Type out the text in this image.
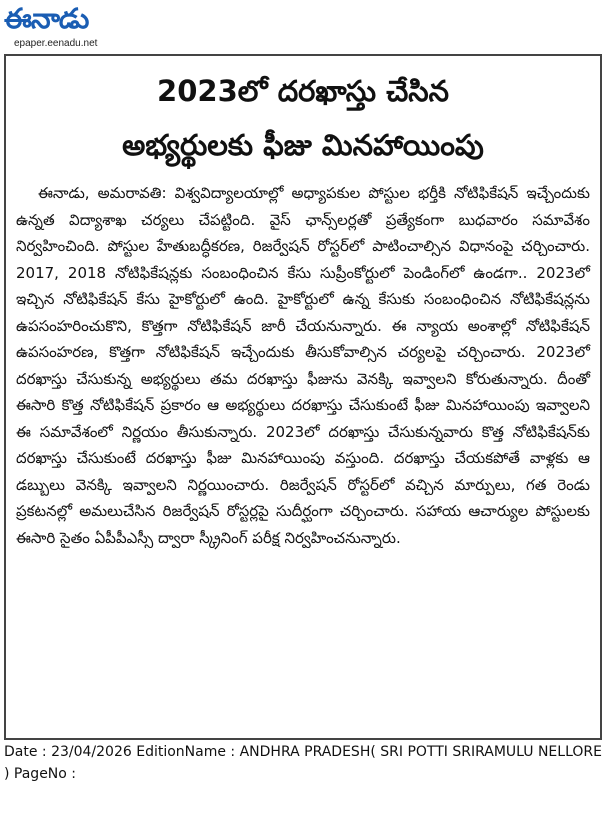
ఈనాడు
epaper.eenadu.net
2023లో దరఖాస్తు చేసిన
అభ్యర్థులకు ఫీజు మినహాయింపు

ఈనాడు, అమరావతి: విశ్వవిద్యాలయాల్లో అధ్యాపకుల పోస్టుల భర్తీకి నోటిఫికేషన్ ఇచ్చేందుకు ఉన్నత విద్యాశాఖ చర్యలు చేపట్టింది. వైస్ ఛాన్స్‌లర్లతో ప్రత్యేకంగా బుధవారం సమావేశం నిర్వహించింది. పోస్టుల హేతుబద్ధీకరణ, రిజర్వేషన్ రోస్టర్‌లో పాటించాల్సిన విధానంపై చర్చించారు. 2017, 2018 నోటిఫికేషన్లకు సంబంధించిన కేసు సుప్రీంకోర్టులో పెండింగ్‌లో ఉండగా.. 2023లో ఇచ్చిన నోటిఫికేషన్ కేసు హైకోర్టులో ఉంది. హైకోర్టులో ఉన్న కేసుకు సంబంధించిన నోటిఫికేషన్లను ఉపసంహరించుకొని, కొత్తగా నోటిఫికేషన్ జారీ చేయనున్నారు. ఈ న్యాయ అంశాల్లో నోటిఫికేషన్ ఉపసంహరణ, కొత్తగా నోటిఫికేషన్ ఇచ్చేందుకు తీసుకోవాల్సిన చర్యలపై చర్చించారు. 2023లో దరఖాస్తు చేసుకున్న అభ్యర్థులు తమ దరఖాస్తు ఫీజును వెనక్కి ఇవ్వాలని కోరుతున్నారు. దీంతో ఈసారి కొత్త నోటిఫికేషన్ ప్రకారం ఆ అభ్యర్థులు దరఖాస్తు చేసుకుంటే ఫీజు మినహాయింపు ఇవ్వాలని ఈ సమావేశంలో నిర్ణయం తీసుకున్నారు. 2023లో దరఖాస్తు చేసుకున్నవారు కొత్త నోటిఫికేషన్‌కు దరఖాస్తు చేసుకుంటే దరఖాస్తు ఫీజు మినహాయింపు వస్తుంది. దరఖాస్తు చేయకపోతే వాళ్లకు ఆ డబ్బులు వెనక్కి ఇవ్వాలని నిర్ణయించారు. రిజర్వేషన్ రోస్టర్‌లో వచ్చిన మార్పులు, గత రెండు ప్రకటనల్లో అమలుచేసిన రిజర్వేషన్ రోస్టర్లపై సుదీర్ఘంగా చర్చించారు. సహాయ ఆచార్యుల పోస్టులకు ఈసారి సైతం ఏపీపీఎస్సీ ద్వారా స్క్రీనింగ్ పరీక్ష నిర్వహించనున్నారు.

Date : 23/04/2026 EditionName : ANDHRA PRADESH( SRI POTTI SRIRAMULU NELLORE ) PageNo :
